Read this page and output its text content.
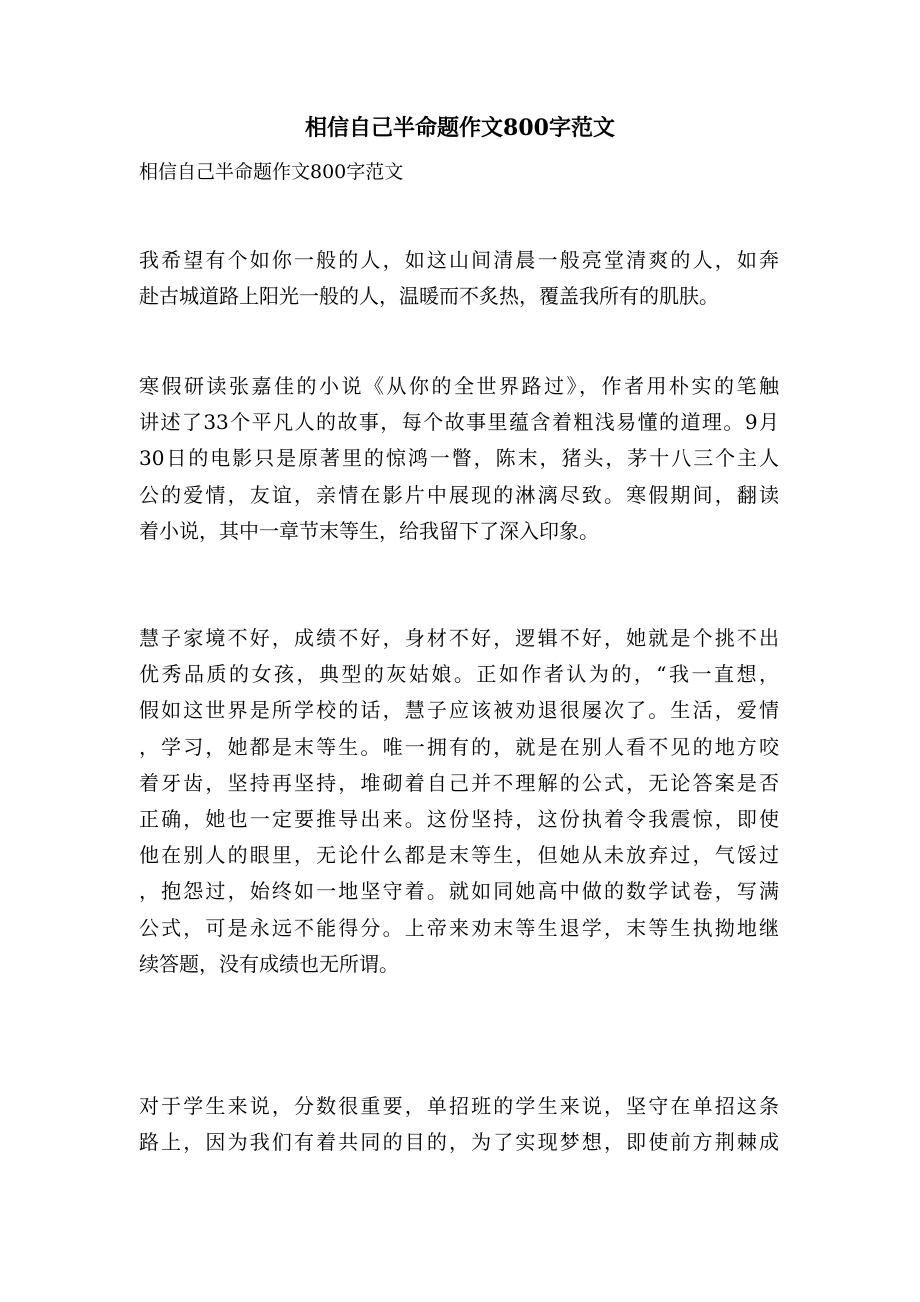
相信自己半命题作文800字范文

相信自己半命题作文800字范文

我希望有个如你一般的人，如这山间清晨一般亮堂清爽的人，如奔
赴古城道路上阳光一般的人，温暖而不炙热，覆盖我所有的肌肤。

寒假研读张嘉佳的小说《从你的全世界路过》，作者用朴实的笔触
讲述了33个平凡人的故事，每个故事里蕴含着粗浅易懂的道理。9月
30日的电影只是原著里的惊鸿一瞥，陈末，猪头，茅十八三个主人
公的爱情，友谊，亲情在影片中展现的淋漓尽致。寒假期间，翻读
着小说，其中一章节末等生，给我留下了深入印象。

慧子家境不好，成绩不好，身材不好，逻辑不好，她就是个挑不出
优秀品质的女孩，典型的灰姑娘。正如作者认为的，“我一直想，
假如这世界是所学校的话，慧子应该被劝退很屡次了。生活，爱情
，学习，她都是末等生。唯一拥有的，就是在别人看不见的地方咬
着牙齿，坚持再坚持，堆砌着自己并不理解的公式，无论答案是否
正确，她也一定要推导出来。这份坚持，这份执着令我震惊，即使
他在别人的眼里，无论什么都是末等生，但她从未放弃过，气馁过
，抱怨过，始终如一地坚守着。就如同她高中做的数学试卷，写满
公式，可是永远不能得分。上帝来劝末等生退学，末等生执拗地继
续答题，没有成绩也无所谓。

对于学生来说，分数很重要，单招班的学生来说，坚守在单招这条
路上，因为我们有着共同的目的，为了实现梦想，即使前方荆棘成
